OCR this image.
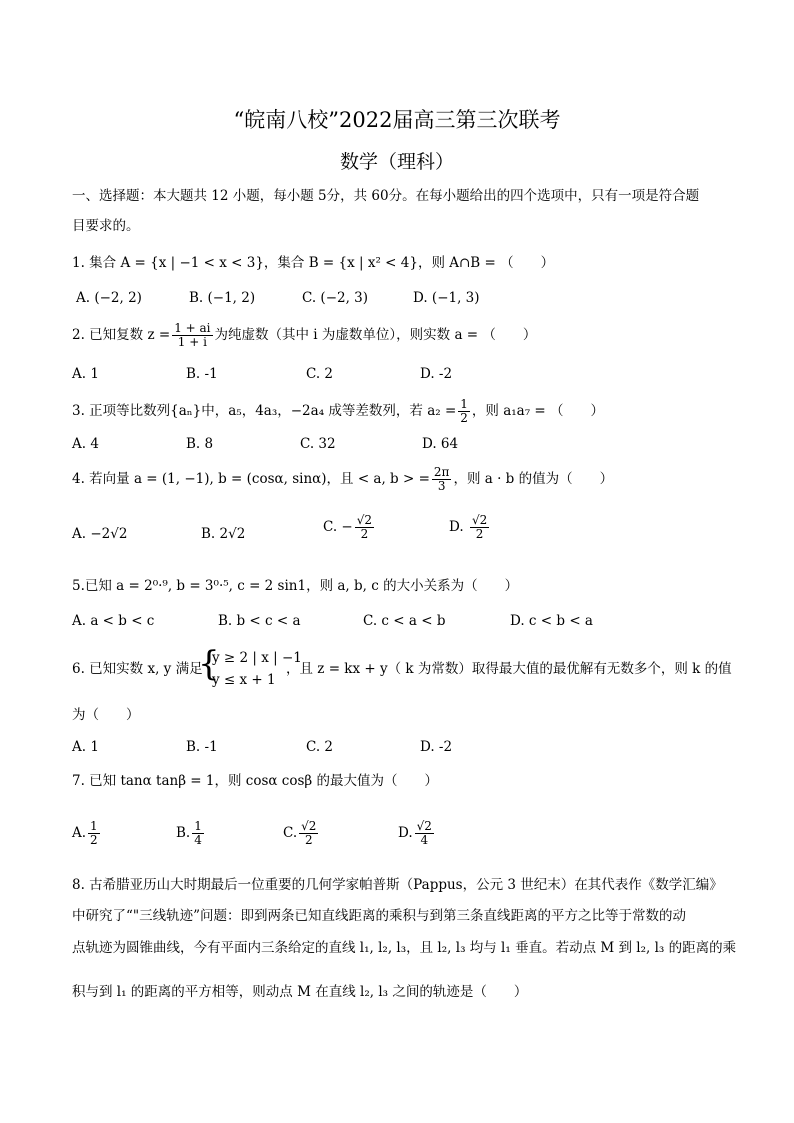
“皖南八校”2022届高三第三次联考
数学（理科）
一、选择题：本大题共 12 小题，每小题 5分，共 60分。在每小题给出的四个选项中，只有一项是符合题
目要求的。
1. 集合 A = {x | −1 < x < 3}，集合 B = {x | x² < 4}，则 A∩B = （　　）
A. (−2, 2)	B. (−1, 2)	C. (−2, 3)	D. (−1, 3)
2. 已知复数 $z = \frac{1 + ai}{1 + i}$ 为纯虚数（其中 i 为虚数单位），则实数 a = （　　）
A. 1	B. -1	C. 2	D. -2
3. 正项等比数列{aₙ}中，a₅，4a₃，−2a₄ 成等差数列，若 $a_2 = \frac{1}{2}$ ，则 a₁a₇ = （　　）
A. 4	B. 8	C. 32	D. 64
4. 若向量 a = (1, −1), b = (cosα, sinα)，且 < a, b > = $\frac{2\pi}{3}$ ，则 a · b 的值为（　　）
A. −2√2	B. 2√2	C. − $\frac{√2}{2}$	D. $\frac{√2}{2}$
5.已知 a = 2⁰·⁹, b = 3⁰·⁵, c = 2 sin1，则 a, b, c 的大小关系为（　　）
A. a < b < c	B. b < c < a	C. c < a < b	D. c < b < a
6. 已知实数 x, y 满足
{
y ≥ 2 | x | −1
y ≤ x + 1
，且 z = kx + y（ k 为常数）取得最大值的最优解有无数多个，则 k 的值
为（　　）
A. 1	B. -1	C. 2	D. -2
7. 已知 tanα tanβ = 1，则 cosα cosβ 的最大值为（　　）
A. $\frac{1}{2}$	B. $\frac{1}{4}$	C. $\frac{√2}{2}$	D. $\frac{√2}{4}$
8. 古希腊亚历山大时期最后一位重要的几何学家帕普斯（Pappus，公元 3 世纪末）在其代表作《数学汇编》
中研究了“"三线轨迹”问题：即到两条已知直线距离的乘积与到第三条直线距离的平方之比等于常数的动
点轨迹为圆锥曲线，今有平面内三条给定的直线 l₁, l₂, l₃，且 l₂, l₃ 均与 l₁ 垂直。若动点 M 到 l₂, l₃ 的距离的乘
积与到 l₁ 的距离的平方相等，则动点 M 在直线 l₂, l₃ 之间的轨迹是（　　）
